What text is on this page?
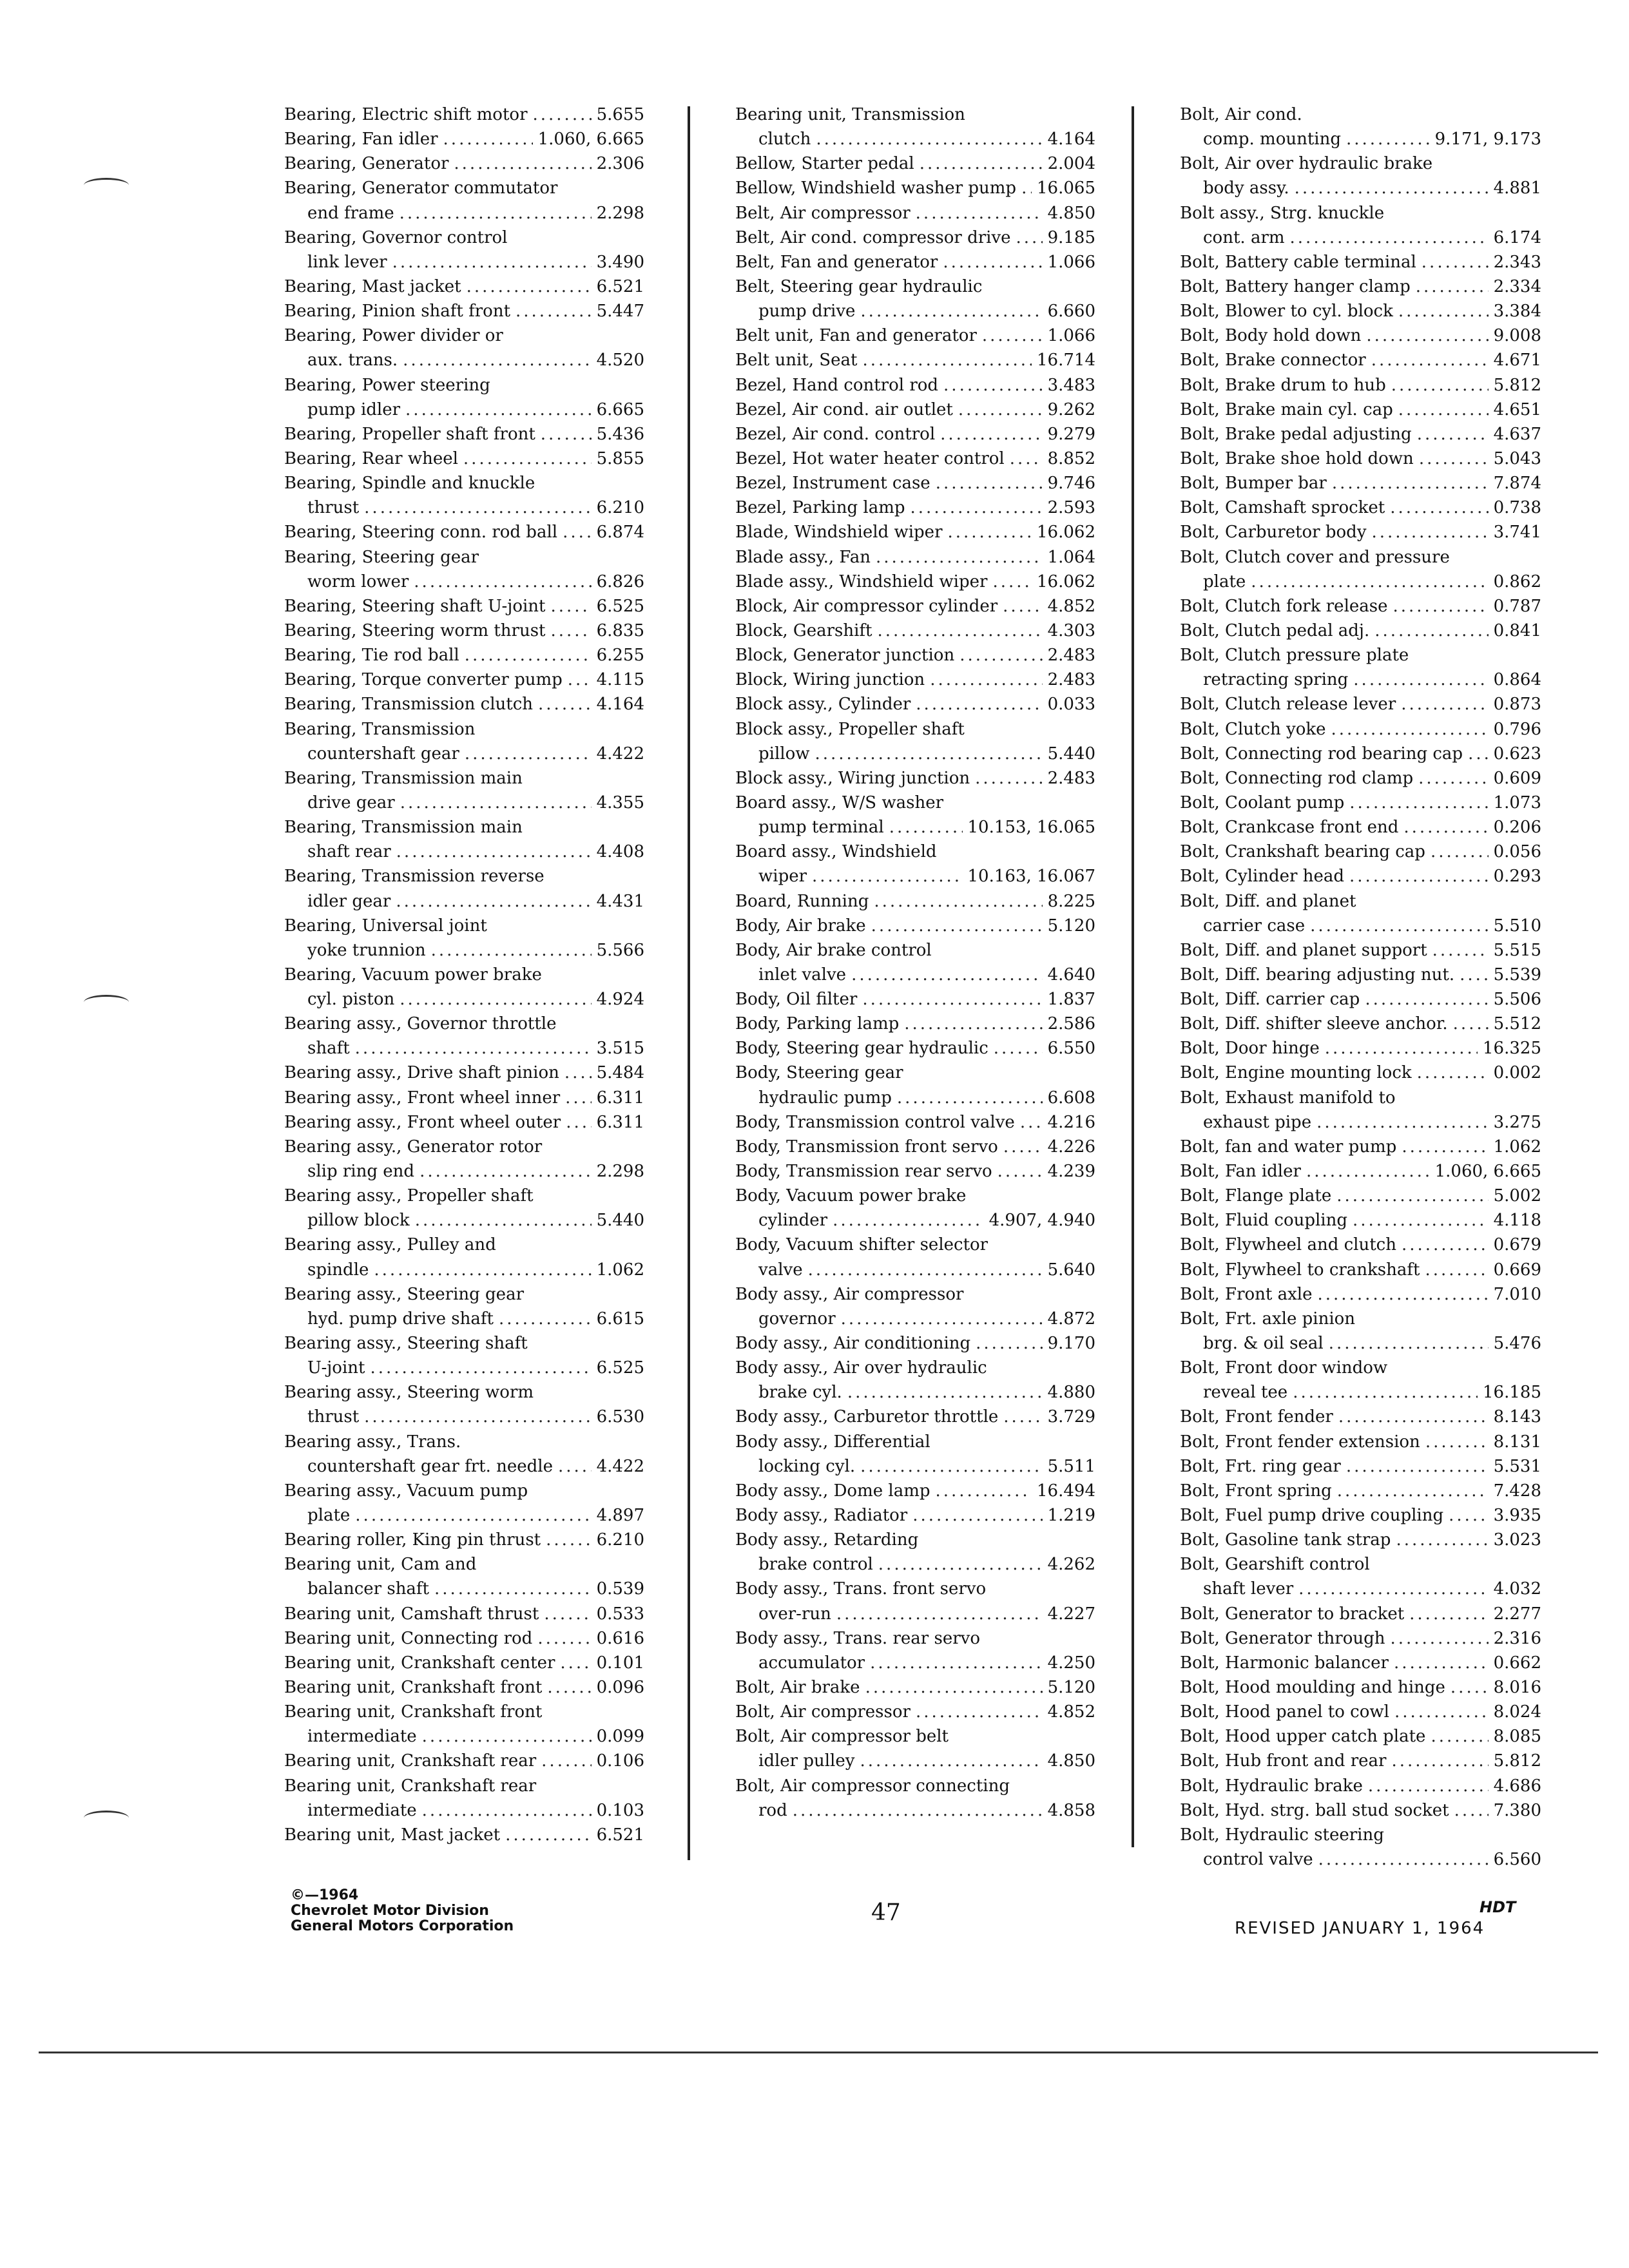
Bearing, Electric shift motor .....	5.655
Bearing, Fan idler .....	1.060, 6.665
Bearing, Generator .....	2.306
Bearing, Generator commutator
end frame .....	2.298
Bearing, Governor control
link lever .....	3.490
Bearing, Mast jacket .....	6.521
Bearing, Pinion shaft front .....	5.447
Bearing, Power divider or
aux. trans. .....	4.520
Bearing, Power steering
pump idler .....	6.665
Bearing, Propeller shaft front .....	5.436
Bearing, Rear wheel .....	5.855
Bearing, Spindle and knuckle
thrust .....	6.210
Bearing, Steering conn. rod ball ..... 6.874
Bearing, Steering gear
worm lower .....	6.826
Bearing, Steering shaft U-joint .....	6.525
Bearing, Steering worm thrust .....	6.835
Bearing, Tie rod ball .....	6.255
Bearing, Torque converter pump ..... 4.115
Bearing, Transmission clutch .....	4.164
Bearing, Transmission
countershaft gear .....	4.422
Bearing, Transmission main
drive gear .....	4.355
Bearing, Transmission main
shaft rear .....	4.408
Bearing, Transmission reverse
idler gear .....	4.431
Bearing, Universal joint
yoke trunnion .....	5.566
Bearing, Vacuum power brake
cyl. piston .....	4.924
Bearing assy., Governor throttle
shaft .....	3.515
Bearing assy., Drive shaft pinion ..... 5.484
Bearing assy., Front wheel inner ..... 6.311
Bearing assy., Front wheel outer ..... 6.311
Bearing assy., Generator rotor
slip ring end .....	2.298
Bearing assy., Propeller shaft
pillow block .....	5.440
Bearing assy., Pulley and
spindle .....	1.062
Bearing assy., Steering gear
hyd. pump drive shaft .....	6.615
Bearing assy., Steering shaft
U-joint .....	6.525
Bearing assy., Steering worm
thrust .....	6.530
Bearing assy., Trans.
countershaft gear frt. needle .....	4.422
Bearing assy., Vacuum pump
plate .....	4.897
Bearing roller, King pin thrust .....	6.210
Bearing unit, Cam and
balancer shaft .....	0.539
Bearing unit, Camshaft thrust .....	0.533
Bearing unit, Connecting rod .....	0.616
Bearing unit, Crankshaft center ..... 0.101
Bearing unit, Crankshaft front .....	0.096
Bearing unit, Crankshaft front
intermediate .....	0.099
Bearing unit, Crankshaft rear .....	0.106
Bearing unit, Crankshaft rear
intermediate .....	0.103
Bearing unit, Mast jacket .....	6.521
Bearing unit, Transmission
clutch .....	4.164
Bellow, Starter pedal .....	2.004
Bellow, Windshield washer pump ..... 16.065
Belt, Air compressor .....	4.850
Belt, Air cond. compressor drive ..... 9.185
Belt, Fan and generator .....	1.066
Belt, Steering gear hydraulic
pump drive .....	6.660
Belt unit, Fan and generator .....	1.066
Belt unit, Seat .....	16.714
Bezel, Hand control rod .....	3.483
Bezel, Air cond. air outlet .....	9.262
Bezel, Air cond. control .....	9.279
Bezel, Hot water heater control .....	8.852
Bezel, Instrument case .....	9.746
Bezel, Parking lamp .....	2.593
Blade, Windshield wiper .....	16.062
Blade assy., Fan .....	1.064
Blade assy., Windshield wiper .....	16.062
Block, Air compressor cylinder .....	4.852
Block, Gearshift .....	4.303
Block, Generator junction .....	2.483
Block, Wiring junction .....	2.483
Block assy., Cylinder .....	0.033
Block assy., Propeller shaft
pillow .....	5.440
Block assy., Wiring junction .....	2.483
Board assy., W/S washer
pump terminal .....	10.153, 16.065
Board assy., Windshield
wiper .....	10.163, 16.067
Board, Running .....	8.225
Body, Air brake .....	5.120
Body, Air brake control
inlet valve .....	4.640
Body, Oil filter .....	1.837
Body, Parking lamp .....	2.586
Body, Steering gear hydraulic .....	6.550
Body, Steering gear
hydraulic pump .....	6.608
Body, Transmission control valve ..... 4.216
Body, Transmission front servo .....	4.226
Body, Transmission rear servo .....	4.239
Body, Vacuum power brake
cylinder .....	4.907, 4.940
Body, Vacuum shifter selector
valve .....	5.640
Body assy., Air compressor
governor .....	4.872
Body assy., Air conditioning .....	9.170
Body assy., Air over hydraulic
brake cyl. .....	4.880
Body assy., Carburetor throttle .....	3.729
Body assy., Differential
locking cyl. .....	5.511
Body assy., Dome lamp .....	16.494
Body assy., Radiator .....	1.219
Body assy., Retarding
brake control .....	4.262
Body assy., Trans. front servo
over-run .....	4.227
Body assy., Trans. rear servo
accumulator .....	4.250
Bolt, Air brake .....	5.120
Bolt, Air compressor .....	4.852
Bolt, Air compressor belt
idler pulley .....	4.850
Bolt, Air compressor connecting
rod .....	4.858
Bolt, Air cond.
comp. mounting .....	9.171, 9.173
Bolt, Air over hydraulic brake
body assy. .....	4.881
Bolt assy., Strg. knuckle
cont. arm .....	6.174
Bolt, Battery cable terminal .....	2.343
Bolt, Battery hanger clamp .....	2.334
Bolt, Blower to cyl. block .....	3.384
Bolt, Body hold down .....	9.008
Bolt, Brake connector .....	4.671
Bolt, Brake drum to hub .....	5.812
Bolt, Brake main cyl. cap .....	4.651
Bolt, Brake pedal adjusting .....	4.637
Bolt, Brake shoe hold down .....	5.043
Bolt, Bumper bar .....	7.874
Bolt, Camshaft sprocket .....	0.738
Bolt, Carburetor body .....	3.741
Bolt, Clutch cover and pressure
plate .....	0.862
Bolt, Clutch fork release .....	0.787
Bolt, Clutch pedal adj. .....	0.841
Bolt, Clutch pressure plate
retracting spring .....	0.864
Bolt, Clutch release lever .....	0.873
Bolt, Clutch yoke .....	0.796
Bolt, Connecting rod bearing cap ..... 0.623
Bolt, Connecting rod clamp .....	0.609
Bolt, Coolant pump .....	1.073
Bolt, Crankcase front end .....	0.206
Bolt, Crankshaft bearing cap .....	0.056
Bolt, Cylinder head .....	0.293
Bolt, Diff. and planet
carrier case .....	5.510
Bolt, Diff. and planet support .....	5.515
Bolt, Diff. bearing adjusting nut. ..... 5.539
Bolt, Diff. carrier cap .....	5.506
Bolt, Diff. shifter sleeve anchor. .....	5.512
Bolt, Door hinge .....	16.325
Bolt, Engine mounting lock .....	0.002
Bolt, Exhaust manifold to
exhaust pipe .....	3.275
Bolt, fan and water pump .....	1.062
Bolt, Fan idler .....	1.060, 6.665
Bolt, Flange plate .....	5.002
Bolt, Fluid coupling .....	4.118
Bolt, Flywheel and clutch .....	0.679
Bolt, Flywheel to crankshaft .....	0.669
Bolt, Front axle .....	7.010
Bolt, Frt. axle pinion
brg. & oil seal .....	5.476
Bolt, Front door window
reveal tee .....	16.185
Bolt, Front fender .....	8.143
Bolt, Front fender extension .....	8.131
Bolt, Frt. ring gear .....	5.531
Bolt, Front spring .....	7.428
Bolt, Fuel pump drive coupling .....	3.935
Bolt, Gasoline tank strap .....	3.023
Bolt, Gearshift control
shaft lever .....	4.032
Bolt, Generator to bracket .....	2.277
Bolt, Generator through .....	2.316
Bolt, Harmonic balancer .....	0.662
Bolt, Hood moulding and hinge .....	8.016
Bolt, Hood panel to cowl .....	8.024
Bolt, Hood upper catch plate .....	8.085
Bolt, Hub front and rear .....	5.812
Bolt, Hydraulic brake .....	4.686
Bolt, Hyd. strg. ball stud socket .....	7.380
Bolt, Hydraulic steering
control valve .....	6.560
©—1964
Chevrolet Motor Division
General Motors Corporation
47	HDT
REVISED JANUARY 1, 1964
